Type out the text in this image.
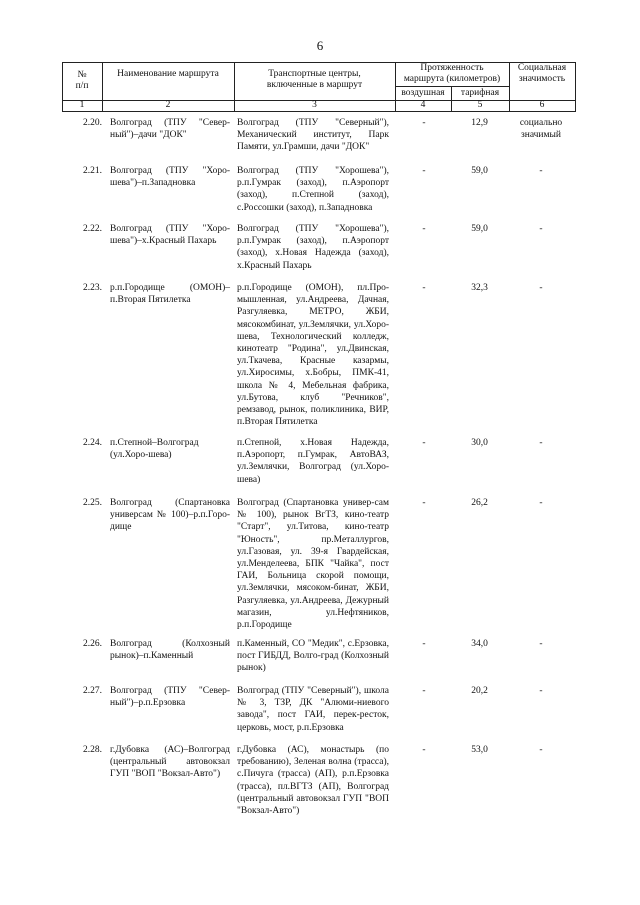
6
№
п/п
Наименование маршрута	Транспортные центры,
включенные в маршрут
Протяженность
маршрута (километров)
воздушная	тарифная
Социальная
значимость
1	2	3	4	5	6
2.20. Волгоград (ТПУ "Север-ный")–дачи "ДОК"
Волгоград (ТПУ "Северный"), Механический институт, Парк Памяти, ул.Грамши, дачи "ДОК"
-	12,9	социально значимый
2.21. Волгоград (ТПУ "Хоро-шева")–п.Западновка
Волгоград (ТПУ "Хорошева"), р.п.Гумрак (заход), п.Аэропорт (заход), п.Степной (заход), с.Россошки (заход), п.Западновка
-	59,0	-
2.22. Волгоград (ТПУ "Хоро-шева")–х.Красный Пахарь
Волгоград (ТПУ "Хорошева"), р.п.Гумрак (заход), п.Аэропорт (заход), х.Новая Надежда (заход), х.Красный Пахарь
-	59,0	-
2.23. р.п.Городище (ОМОН)–п.Вторая Пятилетка
р.п.Городище (ОМОН), пл.Про-мышленная, ул.Андреева, Дачная, Разгуляевка, МЕТРО, ЖБИ, мясокомбинат, ул.Землячки, ул.Хоро-шева, Технологический колледж, кинотеатр "Родина", ул.Двинская, ул.Ткачева, Красные казармы, ул.Хиросимы, х.Бобры, ПМК-41, школа № 4, Мебельная фабрика, ул.Бутова, клуб "Речников", ремзавод, рынок, поликлиника, ВИР, п.Вторая Пятилетка
-	32,3	-
2.24. п.Степной–Волгоград (ул.Хоро-шева)
п.Степной, х.Новая Надежда, п.Аэропорт, п.Гумрак, АвтоВАЗ, ул.Землячки, Волгоград (ул.Хоро-шева)
-	30,0	-
2.25. Волгоград (Спартановка универсам № 100)–р.п.Горо-дище
Волгоград (Спартановка универ-сам № 100), рынок ВгТЗ, кино-театр "Старт", ул.Титова, кино-театр "Юность", пр.Металлургов, ул.Газовая, ул. 39-я Гвардейская, ул.Менделеева, БПК "Чайка", пост ГАИ, Больница скорой помощи, ул.Землячки, мясоком-бинат, ЖБИ, Разгуляевка, ул.Андреева, Дежурный магазин, ул.Нефтяников, р.п.Городище
-	26,2	-
2.26. Волгоград (Колхозный рынок)–п.Каменный
п.Каменный, СО "Медик", с.Ерзовка, пост ГИБДД, Волго-град (Колхозный рынок)
-	34,0	-
2.27. Волгоград (ТПУ "Север-ный")–р.п.Ерзовка
Волгоград (ТПУ "Северный"), школа № 3, ТЗР, ДК "Алюми-ниевого завода", пост ГАИ, перек-ресток, церковь, мост, р.п.Ерзовка
-	20,2	-
2.28. г.Дубовка (АС)–Волгоград (центральный автовокзал ГУП "ВОП "Вокзал-Авто")
г.Дубовка (АС), монастырь (по требованию), Зеленая волна (трасса), с.Пичуга (трасса) (АП), р.п.Ерзовка (трасса), пл.ВГТЗ (АП), Волгоград (центральный автовокзал ГУП "ВОП "Вокзал-Авто")
-	53,0	-
